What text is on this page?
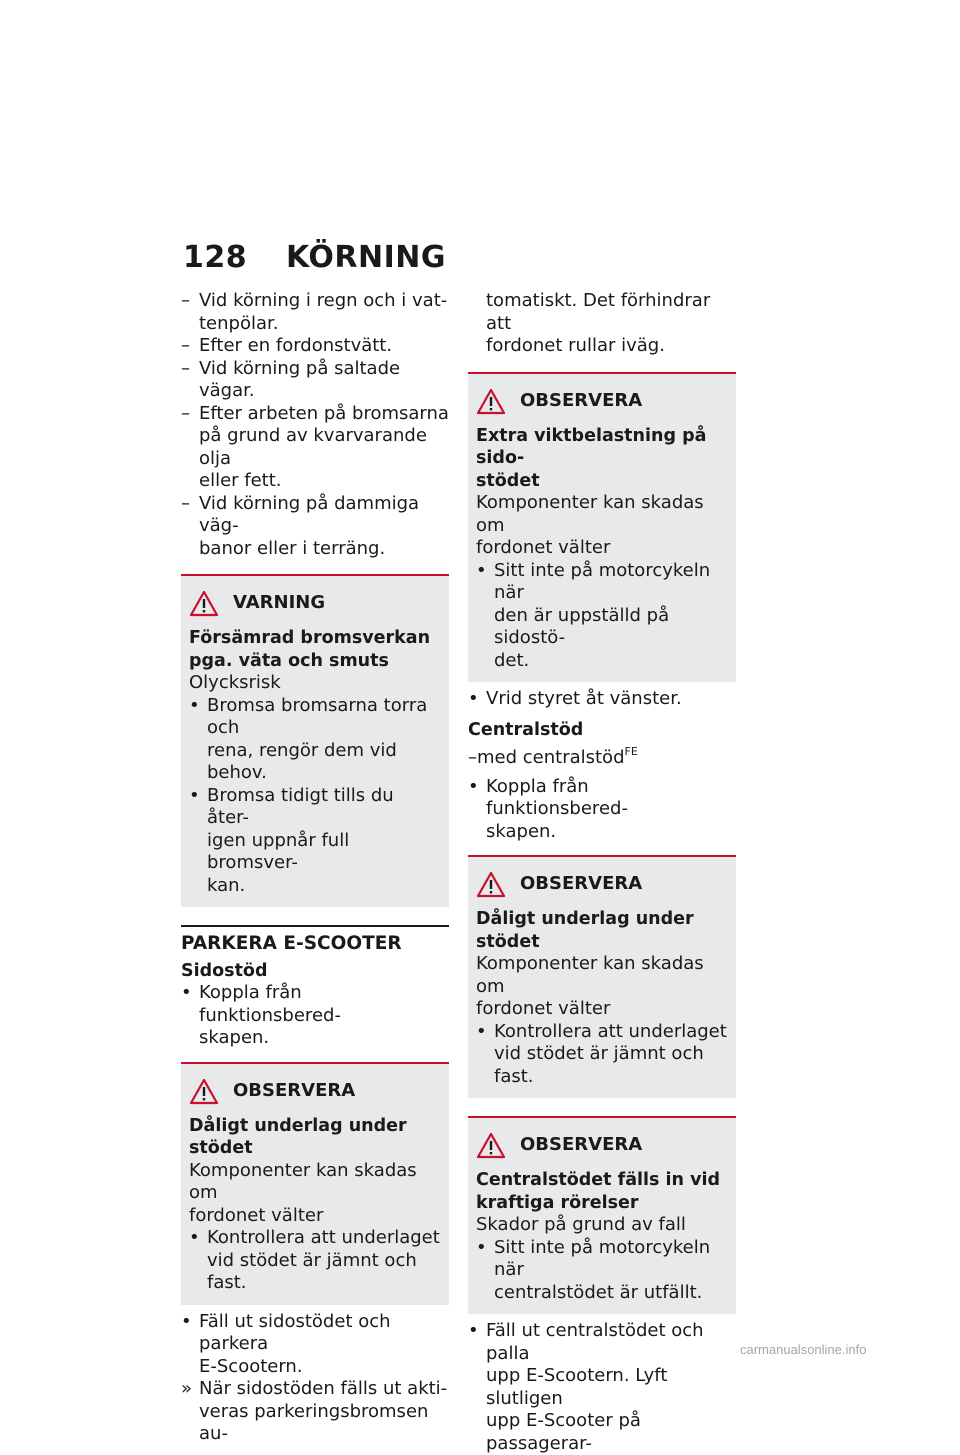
128	KÖRNING
– Vid körning i regn och i vat-
tenpölar.
– Efter en fordonstvätt.
– Vid körning på saltade vägar.
– Efter arbeten på bromsarna
på grund av kvarvarande olja
eller fett.
– Vid körning på dammiga väg-
banor eller i terräng.
VARNING
Försämrad bromsverkan
pga. väta och smuts
Olycksrisk
• Bromsa bromsarna torra och
rena, rengör dem vid behov.
• Bromsa tidigt tills du åter-
igen uppnår full bromsver-
kan.
PARKERA E-SCOOTER
Sidostöd
• Koppla från funktionsbered-
skapen.
OBSERVERA
Dåligt underlag under stödet
Komponenter kan skadas om
fordonet välter
• Kontrollera att underlaget
vid stödet är jämnt och fast.
• Fäll ut sidostödet och parkera
E-Scootern.
» När sidostöden fälls ut akti-
veras parkeringsbromsen au-
tomatiskt. Det förhindrar att
fordonet rullar iväg.
OBSERVERA
Extra viktbelastning på sido-
stödet
Komponenter kan skadas om
fordonet välter
• Sitt inte på motorcykeln när
den är uppställd på sidostö-
det.
• Vrid styret åt vänster.
Centralstöd
–med centralstöd$^{FE}$
• Koppla från funktionsbered-
skapen.
OBSERVERA
Dåligt underlag under stödet
Komponenter kan skadas om
fordonet välter
• Kontrollera att underlaget
vid stödet är jämnt och fast.
OBSERVERA
Centralstödet fälls in vid
kraftiga rörelser
Skador på grund av fall
• Sitt inte på motorcykeln när
centralstödet är utfällt.
• Fäll ut centralstödet och palla
upp E-Scootern. Lyft slutligen
upp E-Scooter på passagerar-
carmanualsonline.info
